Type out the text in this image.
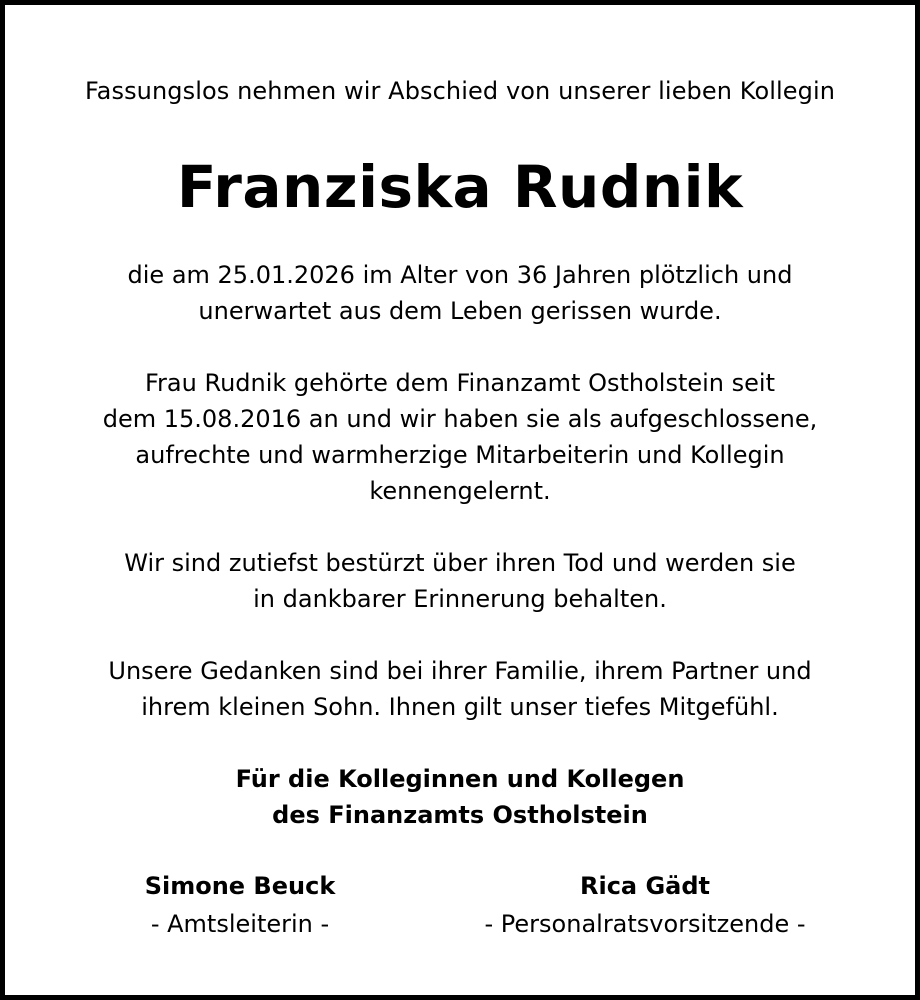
Fassungslos nehmen wir Abschied von unserer lieben Kollegin
Franziska Rudnik
die am 25.01.2026 im Alter von 36 Jahren plötzlich und
unerwartet aus dem Leben gerissen wurde.
Frau Rudnik gehörte dem Finanzamt Ostholstein seit
dem 15.08.2016 an und wir haben sie als aufgeschlossene,
aufrechte und warmherzige Mitarbeiterin und Kollegin
kennengelernt.
Wir sind zutiefst bestürzt über ihren Tod und werden sie
in dankbarer Erinnerung behalten.
Unsere Gedanken sind bei ihrer Familie, ihrem Partner und
ihrem kleinen Sohn. Ihnen gilt unser tiefes Mitgefühl.
Für die Kolleginnen und Kollegen
des Finanzamts Ostholstein
Simone Beuck
- Amtsleiterin -
Rica Gädt
- Personalratsvorsitzende -
